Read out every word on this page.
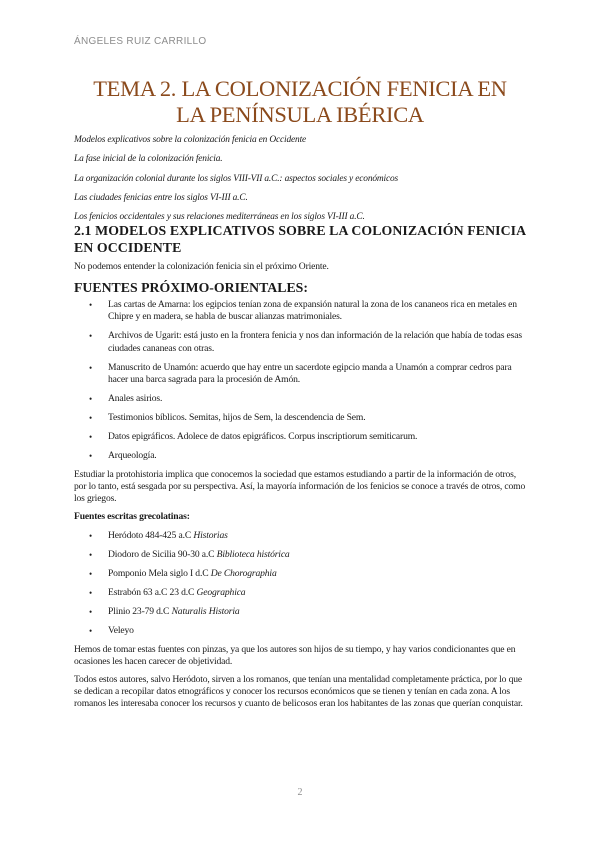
ÁNGELES RUIZ CARRILLO
TEMA 2. LA COLONIZACIÓN FENICIA EN
LA PENÍNSULA IBÉRICA
Modelos explicativos sobre la colonización fenicia en Occidente
La fase inicial de la colonización fenicia.
La organización colonial durante los siglos VIII-VII a.C.: aspectos sociales y económicos
Las ciudades fenicias entre los siglos VI-III a.C.
Los fenicios occidentales y sus relaciones mediterráneas en los siglos VI-III a.C.
2.1 MODELOS EXPLICATIVOS SOBRE LA COLONIZACIÓN FENICIA EN OCCIDENTE

No podemos entender la colonización fenicia sin el próximo Oriente.

FUENTES PRÓXIMO-ORIENTALES:
• Las cartas de Amarna: los egipcios tenían zona de expansión natural la zona de los cananeos rica en metales en Chipre y en madera, se habla de buscar alianzas matrimoniales.
• Archivos de Ugarit: está justo en la frontera fenicia y nos dan información de la relación que había de todas esas ciudades cananeas con otras.
• Manuscrito de Unamón: acuerdo que hay entre un sacerdote egipcio manda a Unamón a comprar cedros para hacer una barca sagrada para la procesión de Amón.
• Anales asirios.
• Testimonios bíblicos. Semitas, hijos de Sem, la descendencia de Sem.
• Datos epigráficos. Adolece de datos epigráficos. Corpus inscriptiorum semiticarum.
• Arqueología.

Estudiar la protohistoria implica que conocemos la sociedad que estamos estudiando a partir de la información de otros, por lo tanto, está sesgada por su perspectiva. Así, la mayoría información de los fenicios se conoce a través de otros, como los griegos.

Fuentes escritas grecolatinas:

• Heródoto 484-425 a.C Historias
• Diodoro de Sicilia 90-30 a.C Biblioteca histórica
• Pomponio Mela siglo I d.C De Chorographia
• Estrabón 63 a.C 23 d.C Geographica
• Plinio 23-79 d.C Naturalis Historia
• Veleyo

Hemos de tomar estas fuentes con pinzas, ya que los autores son hijos de su tiempo, y hay varios condicionantes que en ocasiones les hacen carecer de objetividad.

Todos estos autores, salvo Heródoto, sirven a los romanos, que tenían una mentalidad completamente práctica, por lo que se dedican a recopilar datos etnográficos y conocer los recursos económicos que se tienen y tenían en cada zona. A los romanos les interesaba conocer los recursos y cuanto de belicosos eran los habitantes de las zonas que querían conquistar.

2
